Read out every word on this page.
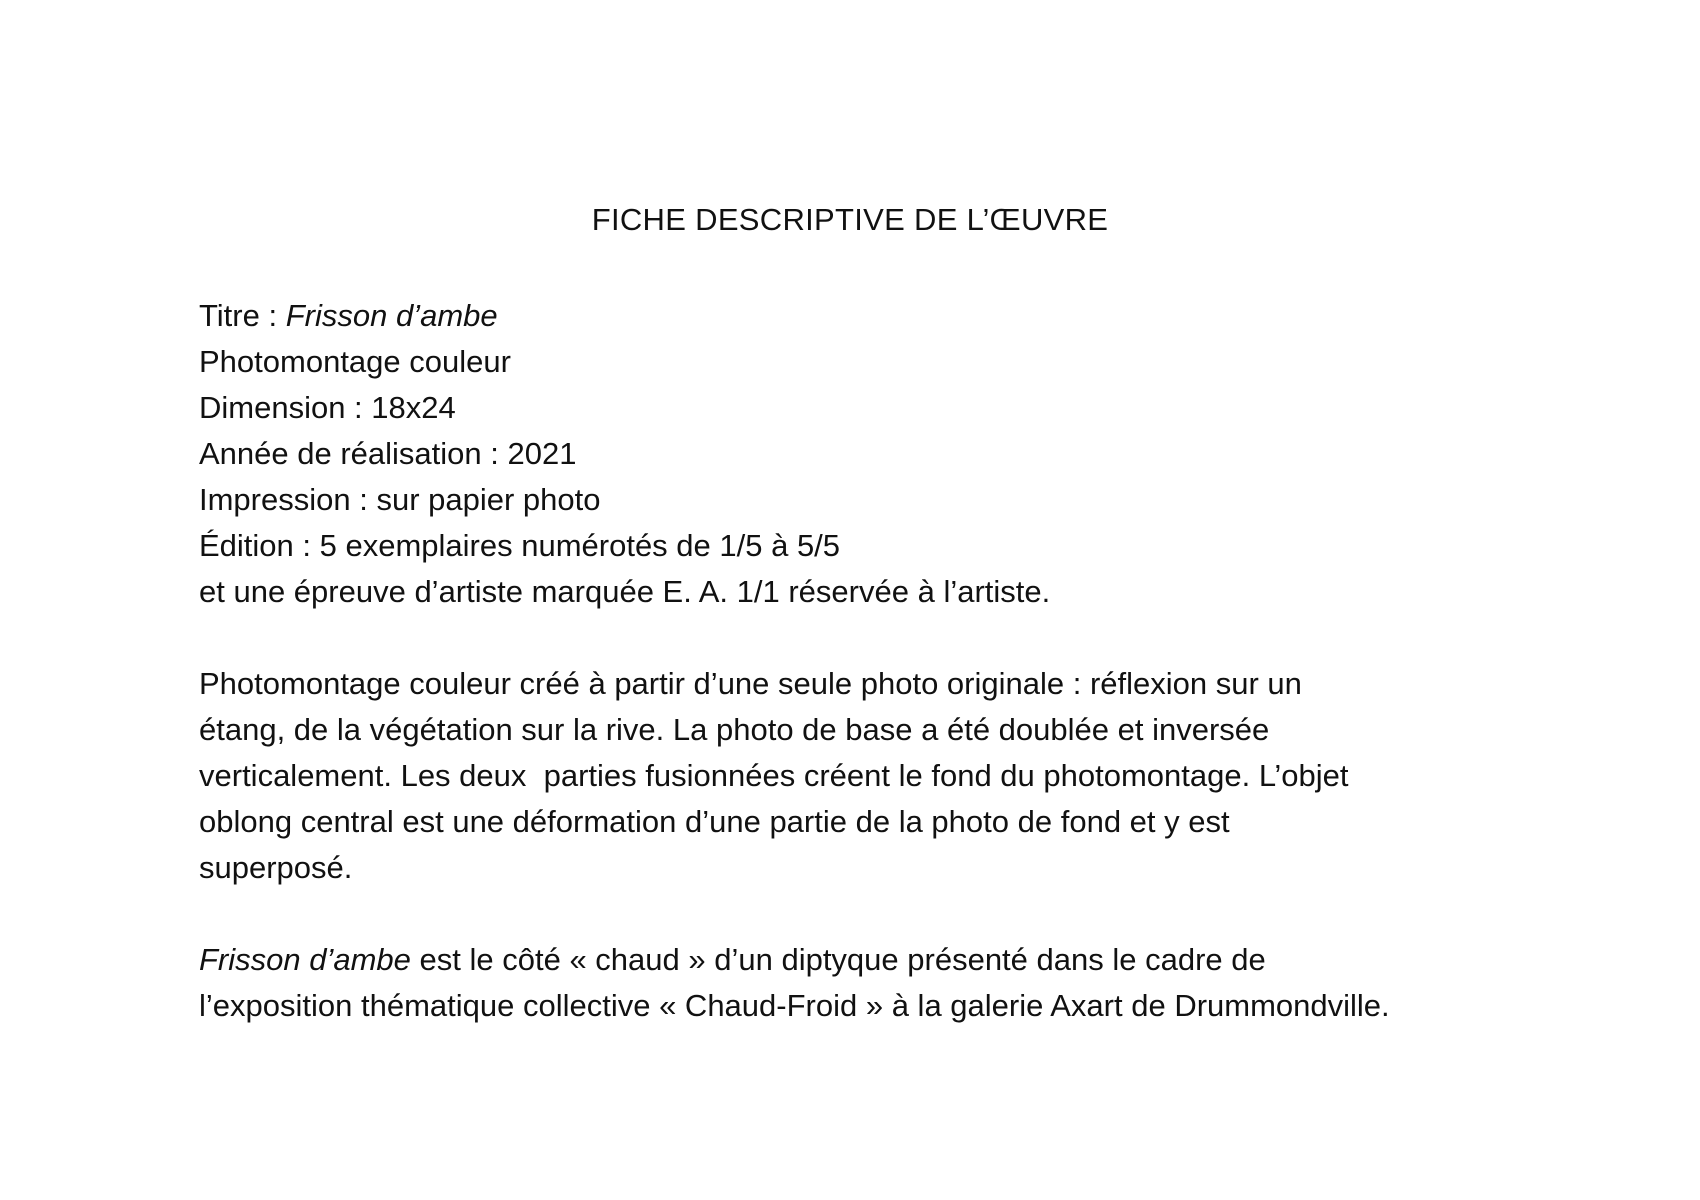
FICHE DESCRIPTIVE DE L’ŒUVRE
Titre : Frisson d’ambe
Photomontage couleur
Dimension : 18x24
Année de réalisation : 2021
Impression : sur papier photo
Édition : 5 exemplaires numérotés de 1/5 à 5/5
et une épreuve d’artiste marquée E. A. 1/1 réservée à l’artiste.
Photomontage couleur créé à partir d’une seule photo originale : réflexion sur un
étang, de la végétation sur la rive. La photo de base a été doublée et inversée
verticalement. Les deux  parties fusionnées créent le fond du photomontage. L’objet
oblong central est une déformation d’une partie de la photo de fond et y est
superposé.
Frisson d’ambe est le côté « chaud » d’un diptyque présenté dans le cadre de
l’exposition thématique collective « Chaud-Froid » à la galerie Axart de Drummondville.
